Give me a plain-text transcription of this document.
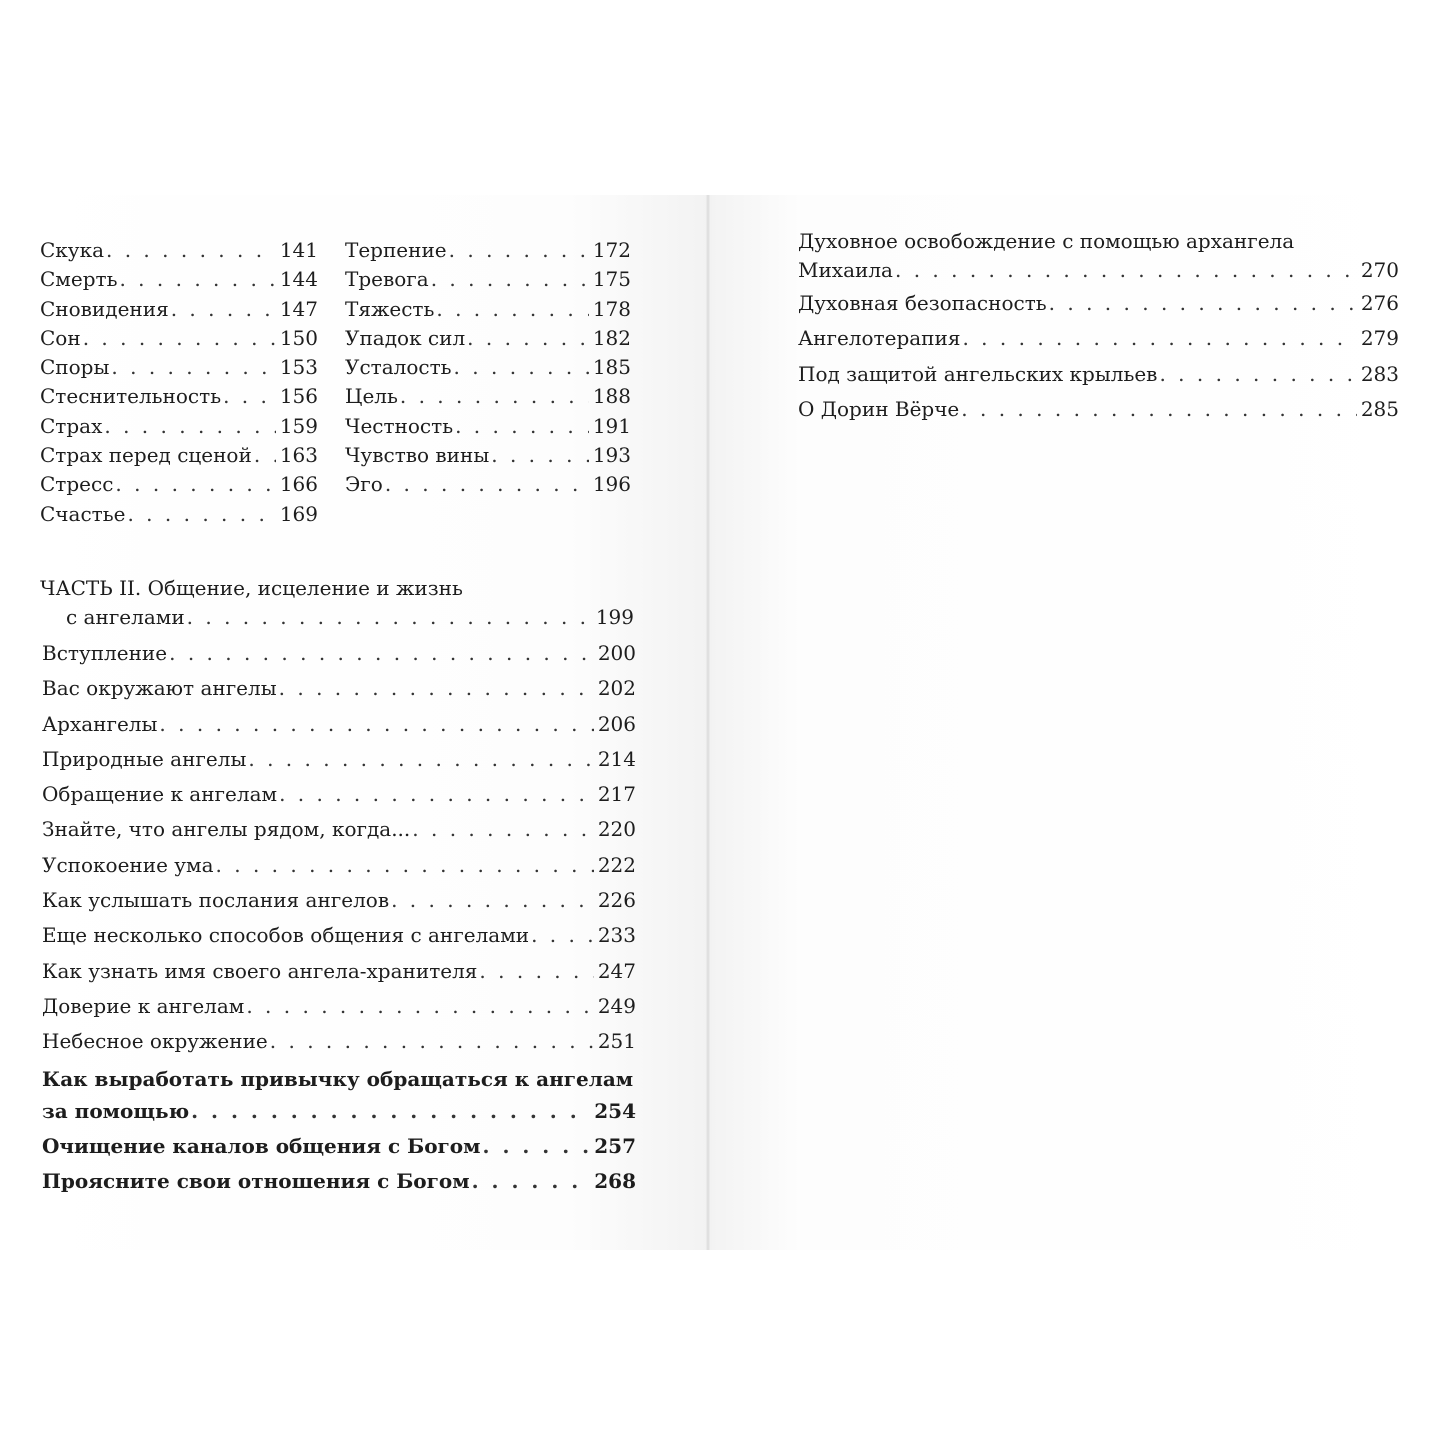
Скука . . .	141
Смерть . . .	144
Сновидения . . .	147
Сон . . .	150
Споры . . .	153
Стеснительность . . .	156
Страх . . .	159
Страх перед сценой . . . 163
Стресс . . .	166
Счастье . . .	169
Терпение . . .	172
Тревога . . .	175
Тяжесть . . .	178
Упадок сил . . .	182
Усталость . . .	185
Цель . . .	188
Честность . . .	191
Чувство вины . . .	193
Эго . . .	196
ЧАСТЬ II. Общение, исцеление и жизнь
с ангелами . . .	199
Вступление . . .	200
Вас окружают ангелы . . .	202
Архангелы . . .	206
Природные ангелы . . .	214
Обращение к ангелам . . .	217
Знайте, что ангелы рядом, когда... . . .	220
Успокоение ума . . .	222
Как услышать послания ангелов . . .	226
Еще несколько способов общения с ангелами . . .	233
Как узнать имя своего ангела-хранителя . . .	247
Доверие к ангелам . . .	249
Небесное окружение . . .	251
Как выработать привычку обращаться к ангелам
за помощью . . .	254
Очищение каналов общения с Богом . . .	257
Проясните свои отношения с Богом . . .	268
Духовное освобождение с помощью архангела
Михаила . . .	270
Духовная безопасность . . .	276
Ангелотерапия . . .	279
Под защитой ангельских крыльев . . .	283
О Дорин Вёрче . . .	285
